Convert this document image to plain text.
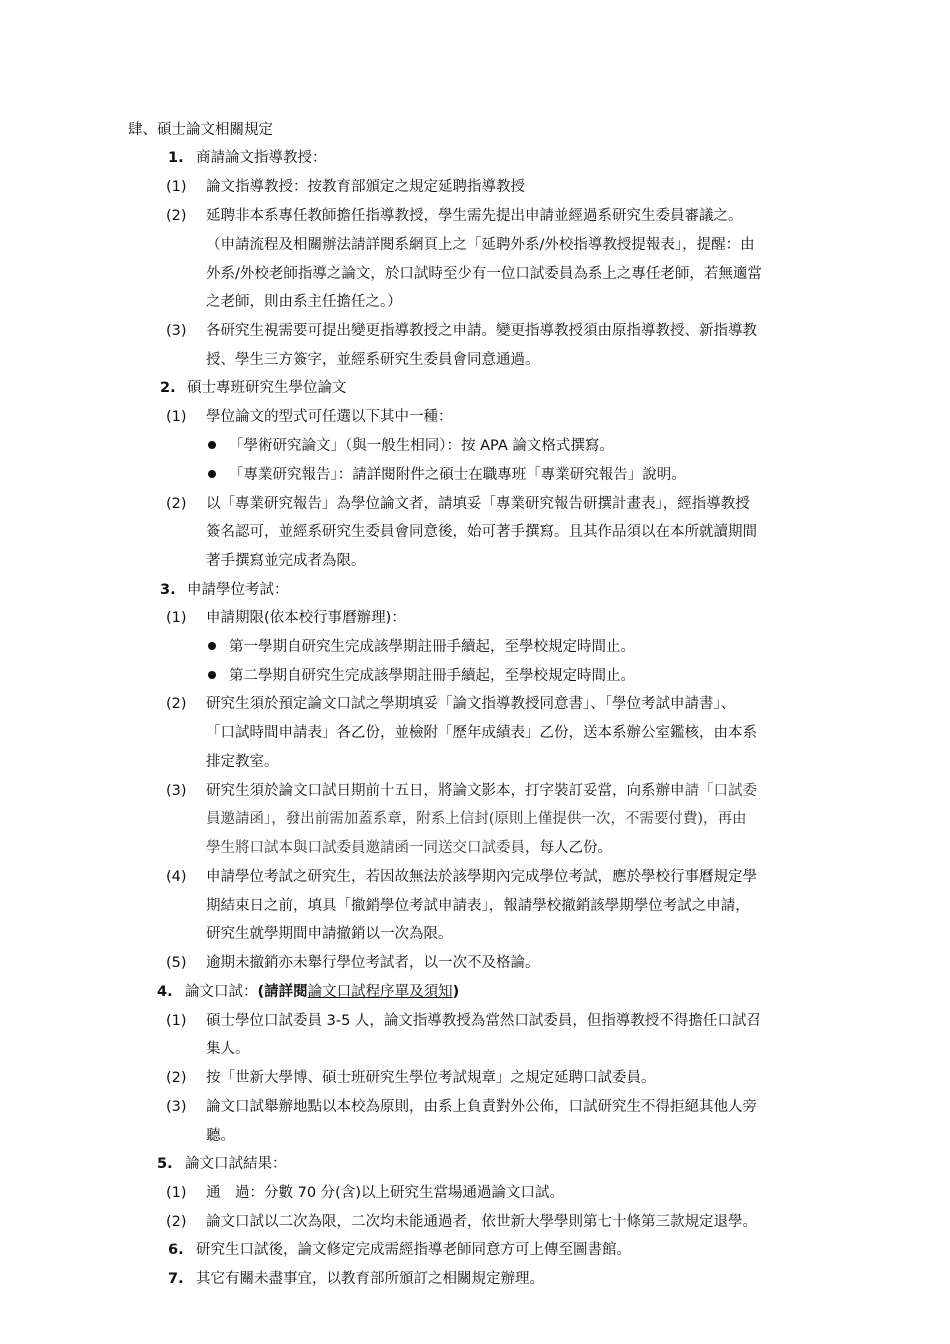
肆、碩士論文相關規定
1. 商請論文指導教授：
(1) 論文指導教授：按教育部頒定之規定延聘指導教授
(2) 延聘非本系專任教師擔任指導教授，學生需先提出申請並經過系研究生委員審議之。
（申請流程及相關辦法請詳閱系網頁上之「延聘外系/外校指導教授提報表」，提醒：由
外系/外校老師指導之論文，於口試時至少有一位口試委員為系上之專任老師，若無適當
之老師，則由系主任擔任之。）
(3) 各研究生視需要可提出變更指導教授之申請。變更指導教授須由原指導教授、新指導教
授、學生三方簽字，並經系研究生委員會同意通過。
2. 碩士專班研究生學位論文
(1) 學位論文的型式可任選以下其中一種：
「學術研究論文」（與一般生相同）：按 APA 論文格式撰寫。
「專業研究報告」：請詳閱附件之碩士在職專班「專業研究報告」說明。
(2) 以「專業研究報告」為學位論文者，請填妥「專業研究報告研撰計畫表」，經指導教授
簽名認可，並經系研究生委員會同意後，始可著手撰寫。且其作品須以在本所就讀期間
著手撰寫並完成者為限。
3. 申請學位考試：
(1) 申請期限(依本校行事曆辦理)：
第一學期自研究生完成該學期註冊手續起，至學校規定時間止。
第二學期自研究生完成該學期註冊手續起，至學校規定時間止。
(2) 研究生須於預定論文口試之學期填妥「論文指導教授同意書」、「學位考試申請書」、
「口試時間申請表」各乙份，並檢附「歷年成績表」乙份，送本系辦公室鑑核，由本系
排定教室。
(3) 研究生須於論文口試日期前十五日，將論文影本，打字裝訂妥當，向系辦申請「口試委
員邀請函」，發出前需加蓋系章，附系上信封(原則上僅提供一次，不需要付費)，再由
學生將口試本與口試委員邀請函一同送交口試委員，每人乙份。
(4) 申請學位考試之研究生，若因故無法於該學期內完成學位考試，應於學校行事曆規定學
期結束日之前，填具「撤銷學位考試申請表」，報請學校撤銷該學期學位考試之申請，
研究生就學期間申請撤銷以一次為限。
(5) 逾期未撤銷亦未舉行學位考試者，以一次不及格論。
4. 論文口試：(請詳閱論文口試程序單及須知)
(1) 碩士學位口試委員 3-5 人，論文指導教授為當然口試委員，但指導教授不得擔任口試召
集人。
(2) 按「世新大學博、碩士班研究生學位考試規章」之規定延聘口試委員。
(3) 論文口試舉辦地點以本校為原則，由系上負責對外公佈，口試研究生不得拒絕其他人旁
聽。
5. 論文口試結果：
(1) 通　過：分數 70 分(含)以上研究生當場通過論文口試。
(2) 論文口試以二次為限，二次均未能通過者，依世新大學學則第七十條第三款規定退學。
6. 研究生口試後，論文修定完成需經指導老師同意方可上傳至圖書館。
7. 其它有關未盡事宜，以教育部所頒訂之相關規定辦理。
